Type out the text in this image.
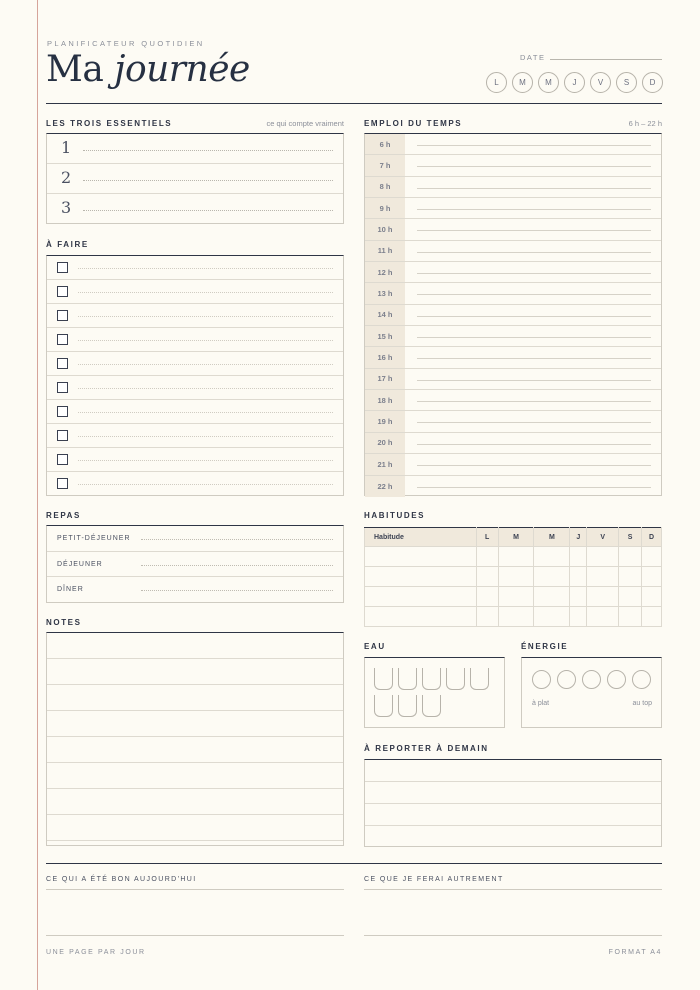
PLANIFICATEUR QUOTIDIEN
Ma journée	DATE
L	M	M	J	V	S	D
LES TROIS ESSENTIELS	ce qui compte vraiment
1
2
3
À FAIRE
EMPLOI DU TEMPS	6 h – 22 h
6 h
7 h
8 h
9 h
10 h
11 h
12 h
13 h
14 h
15 h
16 h
17 h
18 h
19 h
20 h
21 h
22 h
REPAS
PETIT-DÉJEUNER
DÉJEUNER
DÎNER
HABITUDES
Habitude	L	M	M	J	V	S	D

NOTES
EAU	ÉNERGIE
à plat	au top
À REPORTER À DEMAIN
CE QUI A ÉTÉ BON AUJOURD'HUI	CE QUE JE FERAI AUTREMENT
UNE PAGE PAR JOUR	FORMAT A4
